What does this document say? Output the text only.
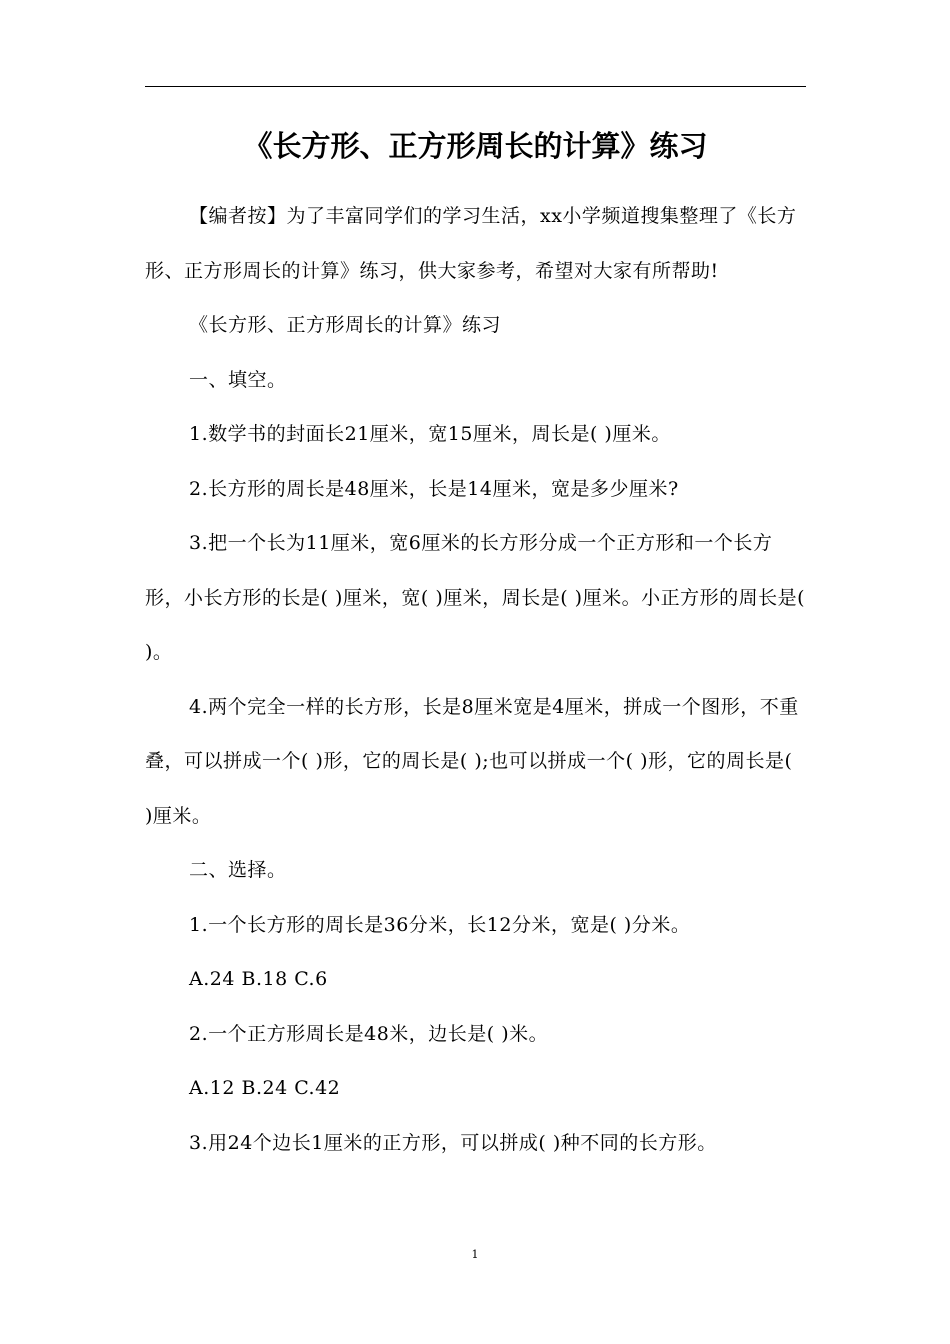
《长方形、正方形周长的计算》练习

【编者按】为了丰富同学们的学习生活，xx小学频道搜集整理了《长方形、正方形周长的计算》练习，供大家参考，希望对大家有所帮助!

《长方形、正方形周长的计算》练习

一、填空。

1.数学书的封面长21厘米，宽15厘米，周长是( )厘米。

2.长方形的周长是48厘米，长是14厘米，宽是多少厘米?

3.把一个长为11厘米，宽6厘米的长方形分成一个正方形和一个长方形，小长方形的长是( )厘米，宽( )厘米，周长是( )厘米。小正方形的周长是( )。

4.两个完全一样的长方形，长是8厘米宽是4厘米，拼成一个图形，不重叠，可以拼成一个( )形，它的周长是( );也可以拼成一个( )形，它的周长是( )厘米。

二、选择。

1.一个长方形的周长是36分米，长12分米，宽是( )分米。

A.24 B.18 C.6

2.一个正方形周长是48米，边长是( )米。

A.12 B.24 C.42

3.用24个边长1厘米的正方形，可以拼成( )种不同的长方形。

1
